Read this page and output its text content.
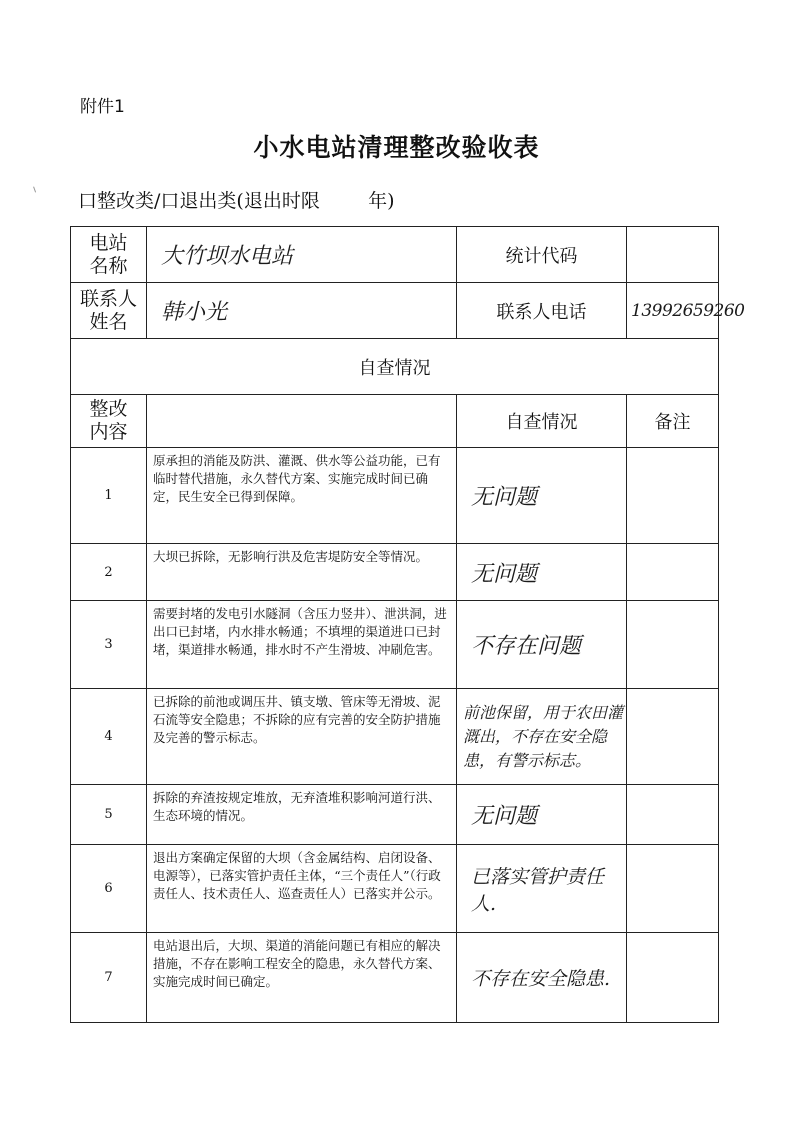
附件1
小水电站清理整改验收表
口整改类/口退出类(退出时限        年)
电站
名称	大竹坝水电站	统计代码	

联系人
姓名	韩小光	联系人电话	13992659260
自查情况			

整改
内容		自查情况	备注
1	原承担的消能及防洪、灌溉、供水等公益功能，已有临时替代措施，永久替代方案、实施完成时间已确定，民生安全已得到保障。	无问题	
2	大坝已拆除，无影响行洪及危害堤防安全等情况。	无问题	
3	需要封堵的发电引水隧洞（含压力竖井）、泄洪洞，进出口已封堵，内水排水畅通；不填埋的渠道进口已封堵，渠道排水畅通，排水时不产生滑坡、冲刷危害。	不存在问题	
4	已拆除的前池或调压井、镇支墩、管床等无滑坡、泥石流等安全隐患；不拆除的应有完善的安全防护措施及完善的警示标志。	前池保留，用于农田灌溉出，不存在安全隐患，有警示标志。	
5	拆除的弃渣按规定堆放，无弃渣堆积影响河道行洪、生态环境的情况。	无问题	
6	退出方案确定保留的大坝（含金属结构、启闭设备、电源等），已落实管护责任主体，“三个责任人”（行政责任人、技术责任人、巡查责任人）已落实并公示。	已落实管护责任人.	
7	电站退出后，大坝、渠道的消能问题已有相应的解决措施，不存在影响工程安全的隐患，永久替代方案、实施完成时间已确定。	不存在安全隐患.	
